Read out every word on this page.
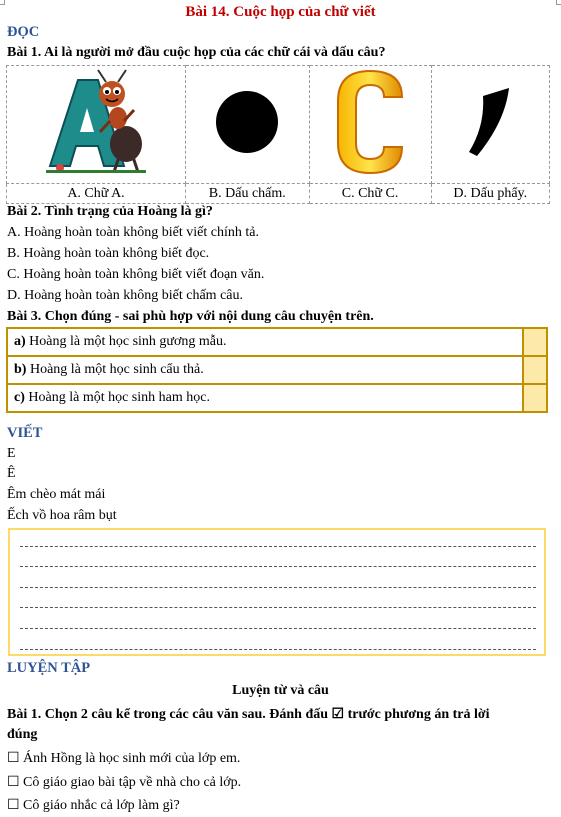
Bài 14. Cuộc họp của chữ viết
ĐỌC
Bài 1. Ai là người mở đầu cuộc họp của các chữ cái và dấu câu?

A. Chữ A.	B. Dấu chấm.	C. Chữ C.	D. Dấu phẩy.
Bài 2. Tình trạng của Hoàng là gì?
A. Hoàng hoàn toàn không biết viết chính tả.
B. Hoàng hoàn toàn không biết đọc.
C. Hoàng hoàn toàn không biết viết đoạn văn.
D. Hoàng hoàn toàn không biết chấm câu.
Bài 3. Chọn đúng - sai phù hợp với nội dung câu chuyện trên.
a) Hoàng là một học sinh gương mẫu.	
b) Hoàng là một học sinh cẩu thả.	
c) Hoàng là một học sinh ham học.	
VIẾT
E
Ê
Êm chèo mát mái
Ếch vồ hoa râm bụt
LUYỆN TẬP
Luyện từ và câu
Bài 1. Chọn 2 câu kể trong các câu văn sau. Đánh đấu ☑ trước phương án trả lời
đúng
☐ Ánh Hồng là học sinh mới của lớp em.
☐ Cô giáo giao bài tập về nhà cho cả lớp.
☐ Cô giáo nhắc cả lớp làm gì?
